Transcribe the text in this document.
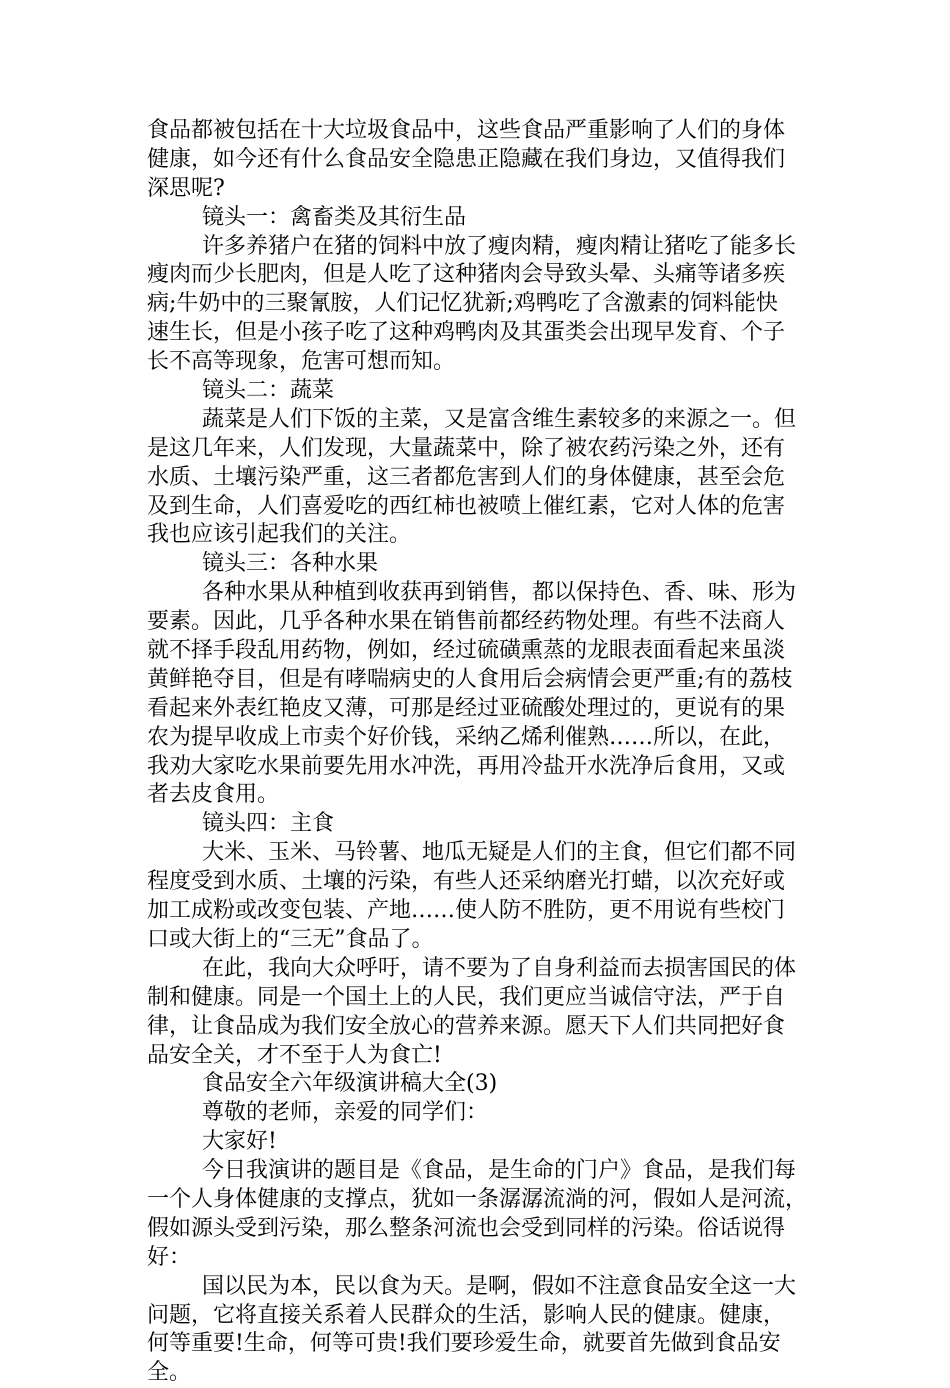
食品都被包括在十大垃圾食品中，这些食品严重影响了人们的身体
健康，如今还有什么食品安全隐患正隐藏在我们身边，又值得我们
深思呢?
镜头一：禽畜类及其衍生品
许多养猪户在猪的饲料中放了瘦肉精，瘦肉精让猪吃了能多长
瘦肉而少长肥肉，但是人吃了这种猪肉会导致头晕、头痛等诸多疾
病;牛奶中的三聚氰胺，人们记忆犹新;鸡鸭吃了含激素的饲料能快
速生长，但是小孩子吃了这种鸡鸭肉及其蛋类会出现早发育、个子
长不高等现象，危害可想而知。
镜头二：蔬菜
蔬菜是人们下饭的主菜，又是富含维生素较多的来源之一。但
是这几年来，人们发现，大量蔬菜中，除了被农药污染之外，还有
水质、土壤污染严重，这三者都危害到人们的身体健康，甚至会危
及到生命，人们喜爱吃的西红柿也被喷上催红素，它对人体的危害
我也应该引起我们的关注。
镜头三：各种水果
各种水果从种植到收获再到销售，都以保持色、香、味、形为
要素。因此，几乎各种水果在销售前都经药物处理。有些不法商人
就不择手段乱用药物，例如，经过硫磺熏蒸的龙眼表面看起来虽淡
黄鲜艳夺目，但是有哮喘病史的人食用后会病情会更严重;有的荔枝
看起来外表红艳皮又薄，可那是经过亚硫酸处理过的，更说有的果
农为提早收成上市卖个好价钱，采纳乙烯利催熟……所以，在此，
我劝大家吃水果前要先用水冲洗，再用冷盐开水洗净后食用，又或
者去皮食用。
镜头四：主食
大米、玉米、马铃薯、地瓜无疑是人们的主食，但它们都不同
程度受到水质、土壤的污染，有些人还采纳磨光打蜡，以次充好或
加工成粉或改变包装、产地……使人防不胜防，更不用说有些校门
口或大街上的“三无”食品了。
在此，我向大众呼吁，请不要为了自身利益而去损害国民的体
制和健康。同是一个国土上的人民，我们更应当诚信守法，严于自
律，让食品成为我们安全放心的营养来源。愿天下人们共同把好食
品安全关，才不至于人为食亡!
食品安全六年级演讲稿大全(3)
尊敬的老师，亲爱的同学们：
大家好!
今日我演讲的题目是《食品，是生命的门户》食品，是我们每
一个人身体健康的支撑点，犹如一条潺潺流淌的河，假如人是河流，
假如源头受到污染，那么整条河流也会受到同样的污染。俗话说得
好：
国以民为本，民以食为天。是啊，假如不注意食品安全这一大
问题，它将直接关系着人民群众的生活，影响人民的健康。健康，
何等重要!生命，何等可贵!我们要珍爱生命，就要首先做到食品安
全。
